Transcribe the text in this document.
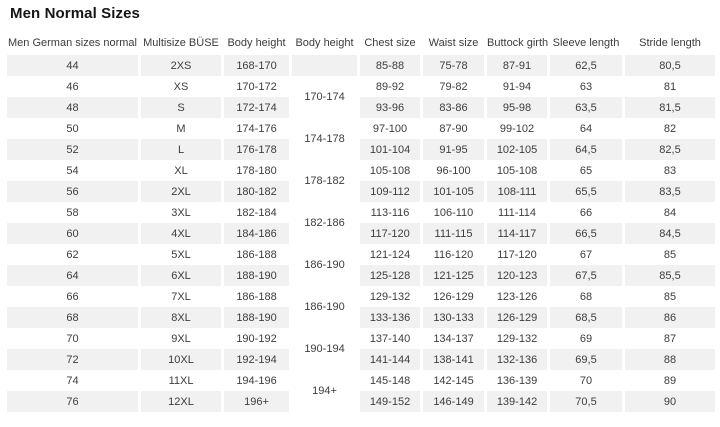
Men Normal Sizes
Men German sizes normal	Multisize BÜSE	Body height	Body height	Chest size	Waist size	Buttock girth	Sleeve length	Stride length
44	2XS	168-170		85-88	75-78	87-91	62,5	80,5
46	XS	170-172	170-174	89-92	79-82	91-94	63	81
48	S	172-174		93-96	83-86	95-98	63,5	81,5
50	M	174-176	174-178	97-100	87-90	99-102	64	82
52	L	176-178		101-104	91-95	102-105	64,5	82,5
54	XL	178-180	178-182	105-108	96-100	105-108	65	83
56	2XL	180-182		109-112	101-105	108-111	65,5	83,5
58	3XL	182-184	182-186	113-116	106-110	111-114	66	84
60	4XL	184-186		117-120	111-115	114-117	66,5	84,5
62	5XL	186-188	186-190	121-124	116-120	117-120	67	85
64	6XL	188-190		125-128	121-125	120-123	67,5	85,5
66	7XL	186-188	186-190	129-132	126-129	123-126	68	85
68	8XL	188-190		133-136	130-133	126-129	68,5	86
70	9XL	190-192	190-194	137-140	134-137	129-132	69	87
72	10XL	192-194		141-144	138-141	132-136	69,5	88
74	11XL	194-196	194+	145-148	142-145	136-139	70	89
76	12XL	196+		149-152	146-149	139-142	70,5	90
